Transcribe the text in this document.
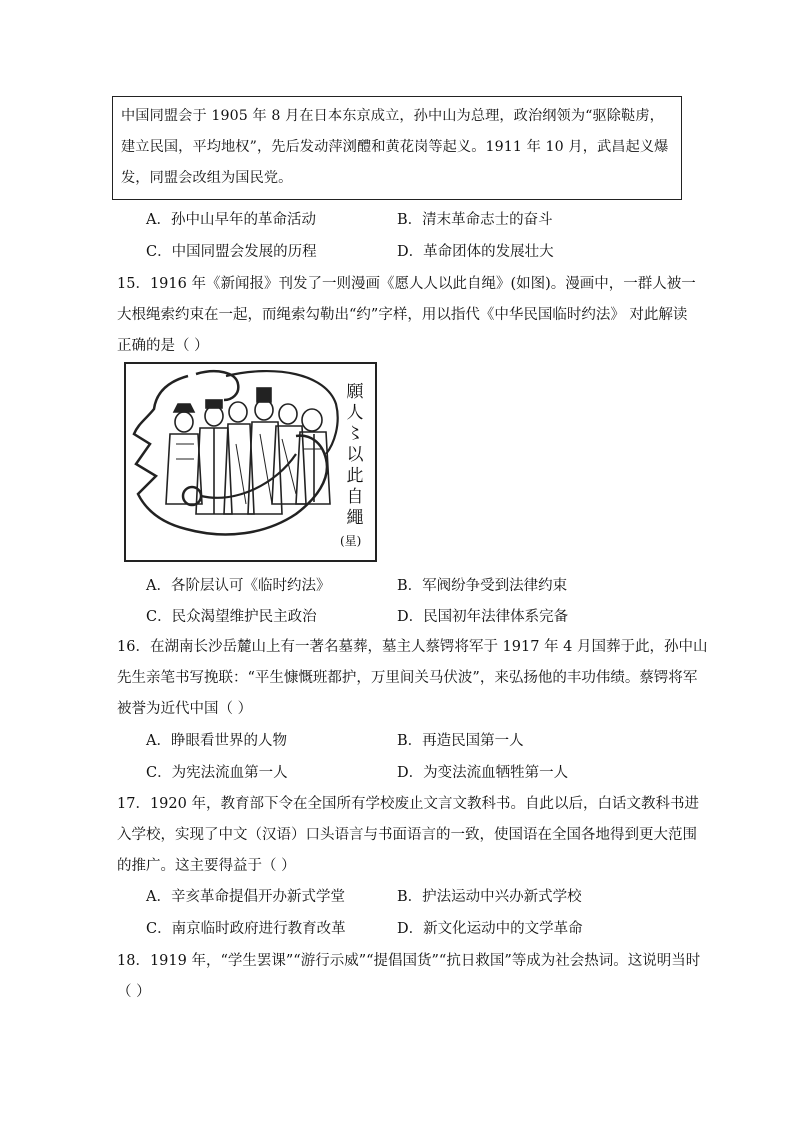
中国同盟会于 1905 年 8 月在日本东京成立，孙中山为总理，政治纲领为“驱除鞑虏，建立民国，平均地权”，先后发动萍浏醴和黄花岗等起义。1911 年 10 月，武昌起义爆发，同盟会改组为国民党。
A．孙中山早年的革命活动	B．清末革命志士的奋斗
C．中国同盟会发展的历程	D．革命团体的发展壮大
15．1916 年《新闻报》刊发了一则漫画《愿人人以此自绳》(如图)。漫画中，一群人被一
大根绳索约束在一起，而绳索勾勒出“约”字样，用以指代《中华民国临时约法》 对此解读
正确的是（ ）
願
人
〻
以
此
自
繩
(星)
A．各阶层认可《临时约法》	B．军阀纷争受到法律约束
C．民众渴望维护民主政治	D．民国初年法律体系完备
16．在湖南长沙岳麓山上有一著名墓葬，墓主人蔡锷将军于 1917 年 4 月国葬于此，孙中山
先生亲笔书写挽联：“平生慷慨班都护，万里间关马伏波”，来弘扬他的丰功伟绩。蔡锷将军
被誉为近代中国（ ）
A．睁眼看世界的人物	B．再造民国第一人
C．为宪法流血第一人	D．为变法流血牺牲第一人
17．1920 年，教育部下令在全国所有学校废止文言文教科书。自此以后，白话文教科书进
入学校，实现了中文（汉语）口头语言与书面语言的一致，使国语在全国各地得到更大范围
的推广。这主要得益于（ ）
A．辛亥革命提倡开办新式学堂	B．护法运动中兴办新式学校
C．南京临时政府进行教育改革	D．新文化运动中的文学革命
18．1919 年，“学生罢课”“游行示威”“提倡国货”“抗日救国”等成为社会热词。这说明当时
（ ）
